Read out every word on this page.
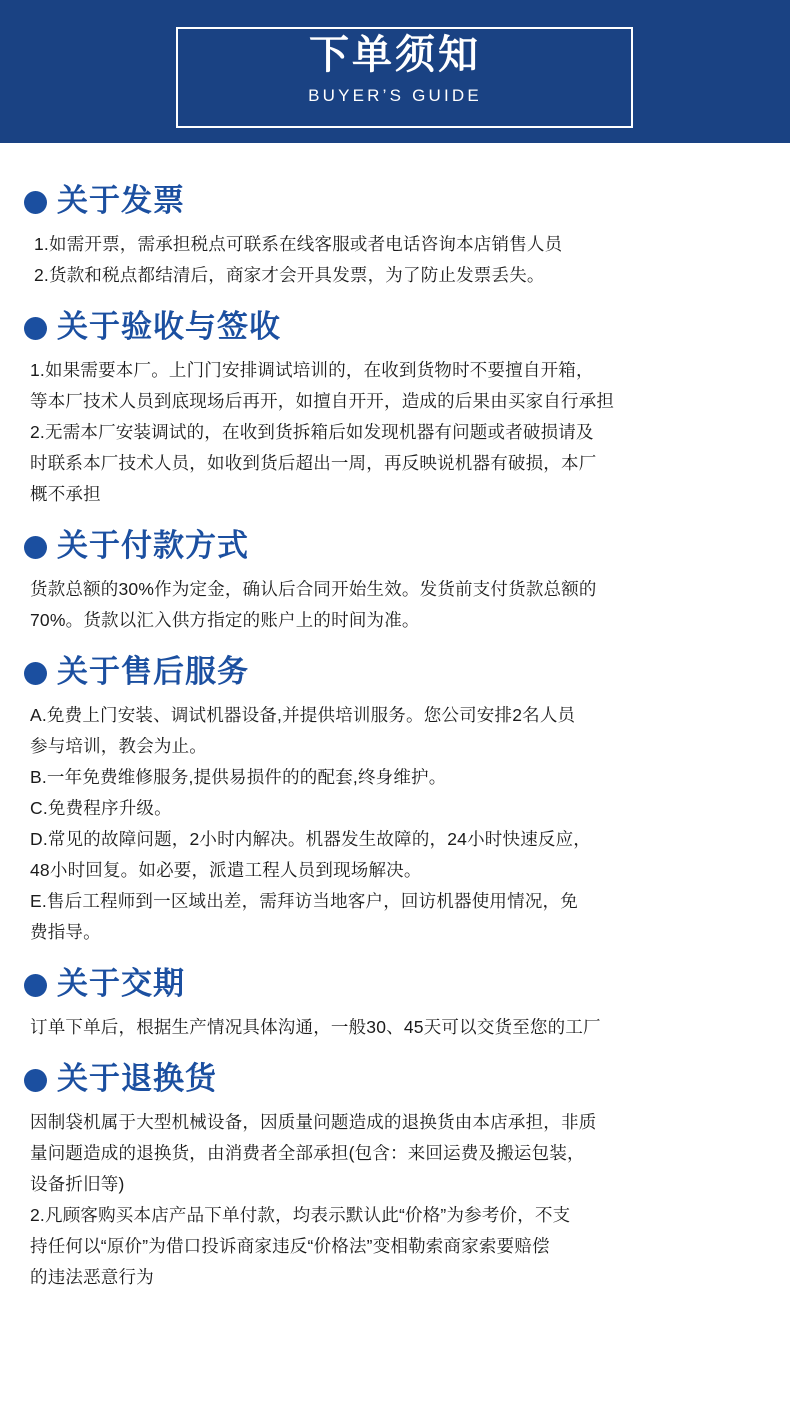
下单须知
BUYER’S GUIDE
关于发票
1.如需开票，需承担税点可联系在线客服或者电话咨询本店销售人员
2.货款和税点都结清后，商家才会开具发票，为了防止发票丢失。
关于验收与签收
1.如果需要本厂。上门门安排调试培训的，在收到货物时不要擅自开箱，
等本厂技术人员到底现场后再开，如擅自开开，造成的后果由买家自行承担
2.无需本厂安装调试的，在收到货拆箱后如发现机器有问题或者破损请及
时联系本厂技术人员，如收到货后超出一周，再反映说机器有破损，本厂
概不承担
关于付款方式
货款总额的30%作为定金，确认后合同开始生效。发货前支付货款总额的
70%。货款以汇入供方指定的账户上的时间为准。
关于售后服务
A.免费上门安装、调试机器设备,并提供培训服务。您公司安排2名人员
参与培训，教会为止。
B.一年免费维修服务,提供易损件的的配套,终身维护。
C.免费程序升级。
D.常见的故障问题，2小时内解决。机器发生故障的，24小时快速反应，
48小时回复。如必要，派遣工程人员到现场解决。
E.售后工程师到一区域出差，需拜访当地客户，回访机器使用情况，免
费指导。
关于交期
订单下单后，根据生产情况具体沟通，一般30、45天可以交货至您的工厂
关于退换货
因制袋机属于大型机械设备，因质量问题造成的退换货由本店承担，非质
量问题造成的退换货，由消费者全部承担(包含：来回运费及搬运包装，
设备折旧等)
2.凡顾客购买本店产品下单付款，均表示默认此“价格”为参考价，不支
持任何以“原价”为借口投诉商家违反“价格法”变相勒索商家索要赔偿
的违法恶意行为
